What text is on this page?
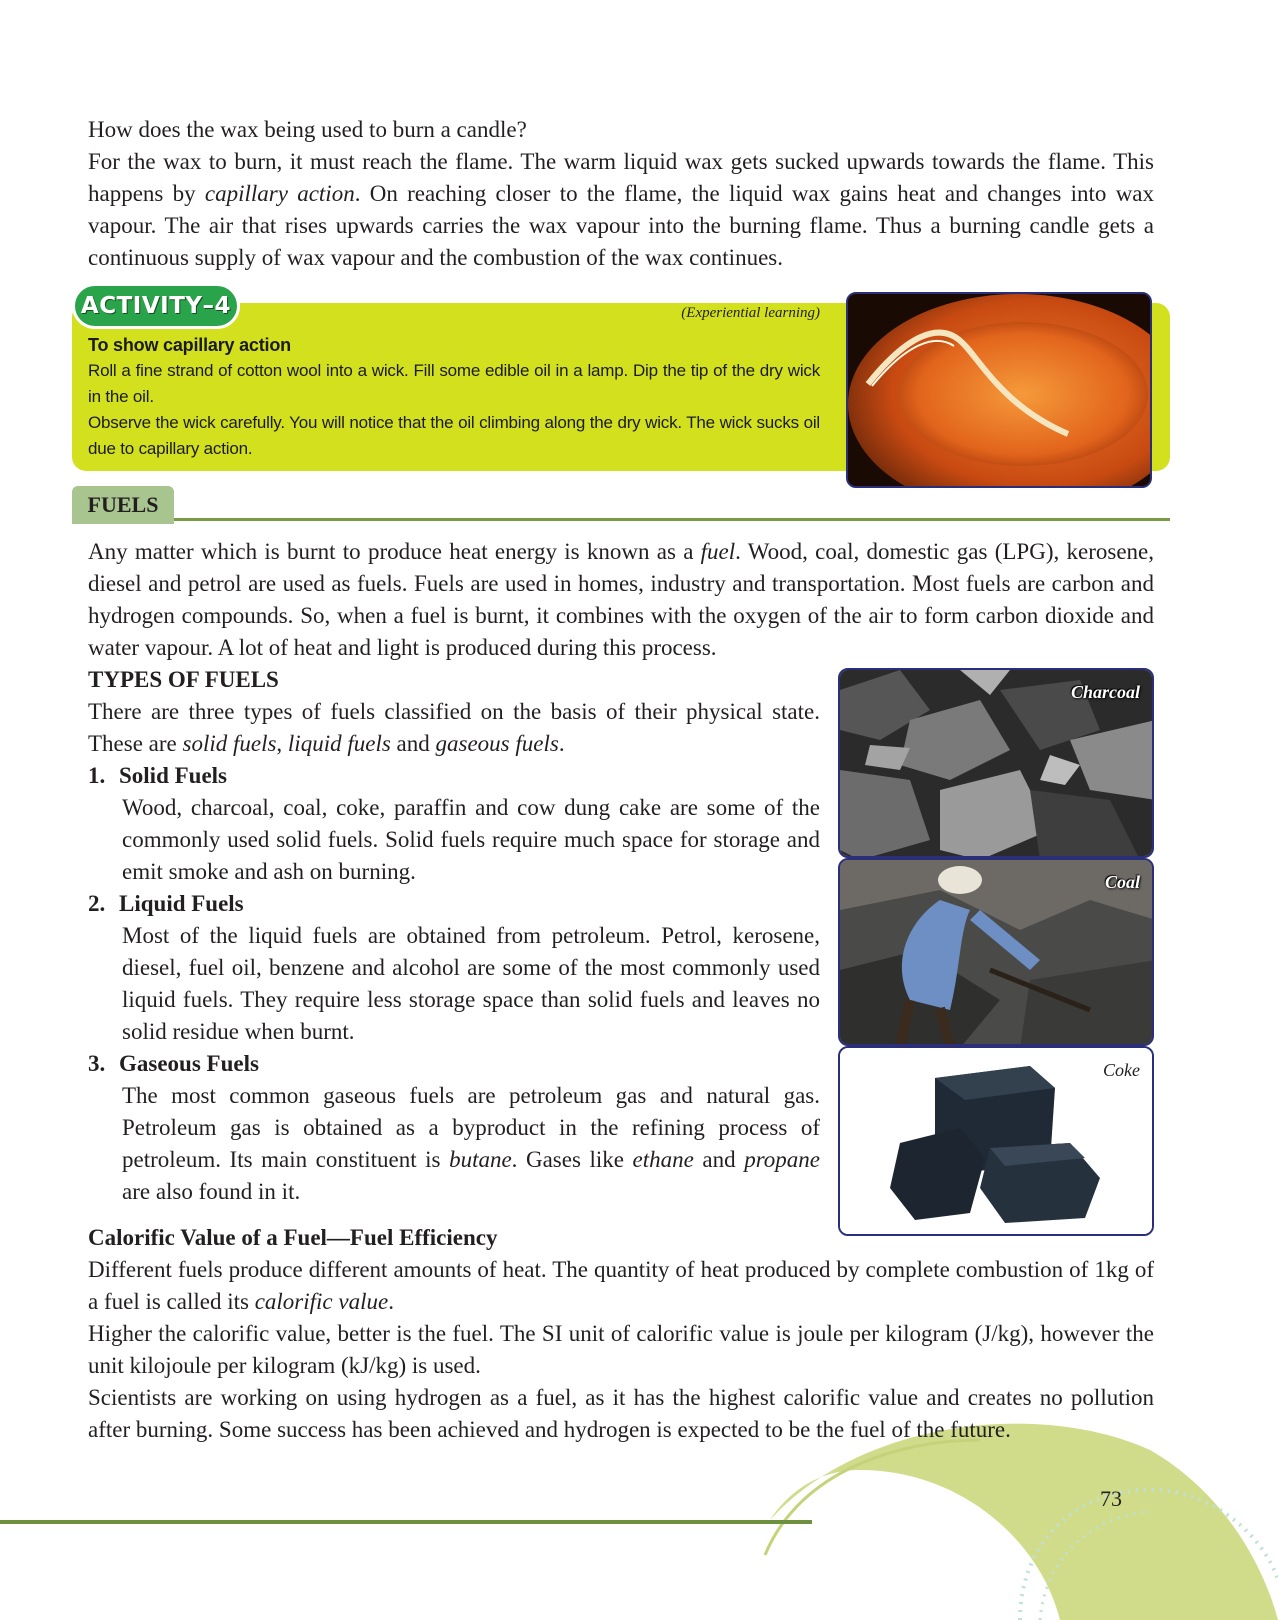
How does the wax being used to burn a candle?

For the wax to burn, it must reach the flame. The warm liquid wax gets sucked upwards towards the flame. This happens by capillary action. On reaching closer to the flame, the liquid wax gains heat and changes into wax vapour. The air that rises upwards carries the wax vapour into the burning flame. Thus a burning candle gets a continuous supply of wax vapour and the combustion of the wax continues.

ACTIVITY–4	(Experiential learning)

To show capillary action

Roll a fine strand of cotton wool into a wick. Fill some edible oil in a lamp. Dip the tip of the dry wick in the oil.

Observe the wick carefully. You will notice that the oil climbing along the dry wick. The wick sucks oil due to capillary action.

FUELS

Any matter which is burnt to produce heat energy is known as a fuel. Wood, coal, domestic gas (LPG), kerosene, diesel and petrol are used as fuels. Fuels are used in homes, industry and transportation. Most fuels are carbon and hydrogen compounds. So, when a fuel is burnt, it combines with the oxygen of the air to form carbon dioxide and water vapour. A lot of heat and light is produced during this process.

TYPES OF FUELS

There are three types of fuels classified on the basis of their physical state. These are solid fuels, liquid fuels and gaseous fuels.

1. Solid Fuels

Wood, charcoal, coal, coke, paraffin and cow dung cake are some of the commonly used solid fuels. Solid fuels require much space for storage and emit smoke and ash on burning.

2. Liquid Fuels

Most of the liquid fuels are obtained from petroleum. Petrol, kerosene, diesel, fuel oil, benzene and alcohol are some of the most commonly used liquid fuels. They require less storage space than solid fuels and leaves no solid residue when burnt.

3. Gaseous Fuels

The most common gaseous fuels are petroleum gas and natural gas. Petroleum gas is obtained as a byproduct in the refining process of petroleum. Its main constituent is butane. Gases like ethane and propane are also found in it.

Charcoal
Coal
Coke

Calorific Value of a Fuel—Fuel Efficiency

Different fuels produce different amounts of heat. The quantity of heat produced by complete combustion of 1kg of a fuel is called its calorific value.

Higher the calorific value, better is the fuel. The SI unit of calorific value is joule per kilogram (J/kg), however the unit kilojoule per kilogram (kJ/kg) is used.

Scientists are working on using hydrogen as a fuel, as it has the highest calorific value and creates no pollution after burning. Some success has been achieved and hydrogen is expected to be the fuel of the future.

73
